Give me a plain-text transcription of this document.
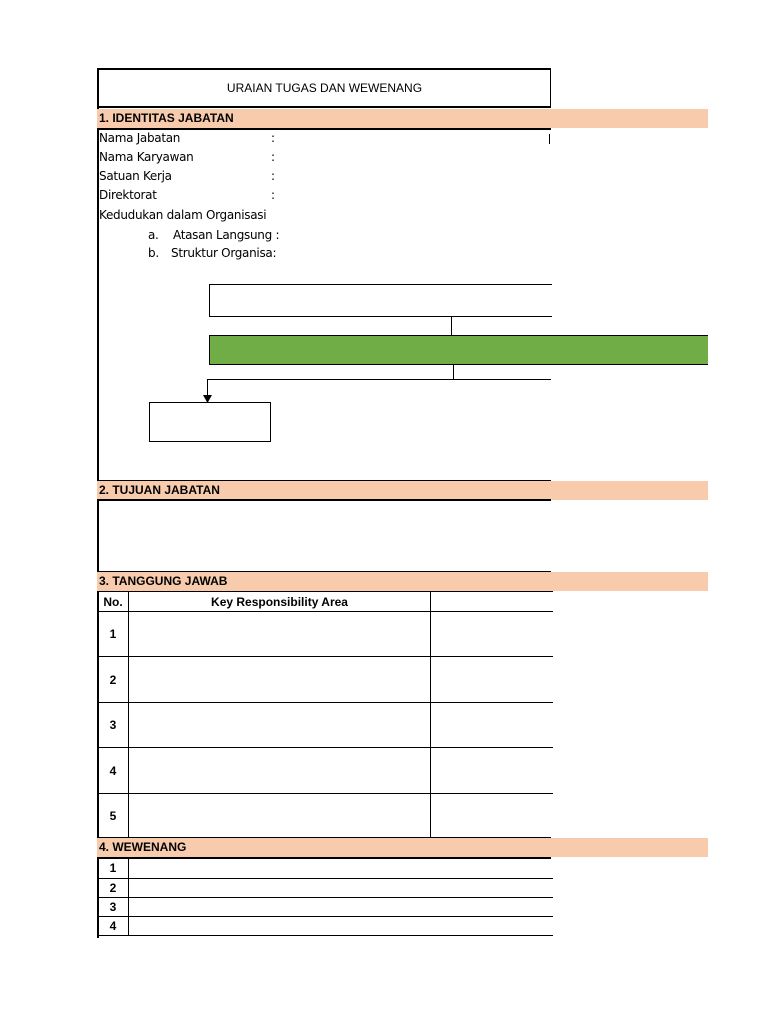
URAIAN TUGAS DAN WEWENANG
1. IDENTITAS JABATAN
Nama Jabatan	:
Nama Karyawan	:
Satuan Kerja	:
Direktorat	:
Kedudukan dalam Organisasi
a. Atasan Langsung :
b. Struktur Organisa:
2. TUJUAN JABATAN
3. TANGGUNG JAWAB
No.	Key Responsibility Area	
1		
2		
3		
4		
5		
4. WEWENANG
1	
2	
3	
4	
